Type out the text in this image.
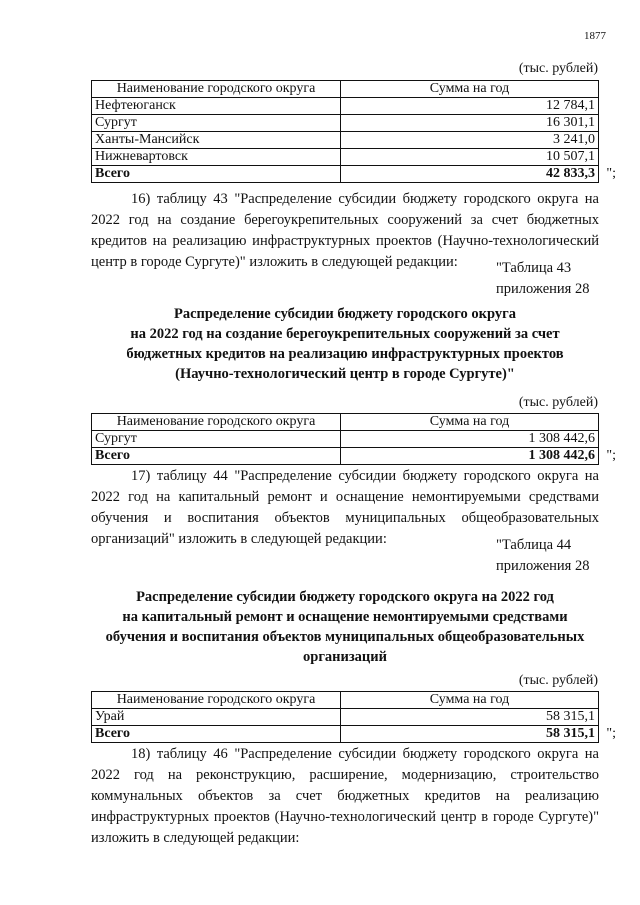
1877
(тыс. рублей)
Наименование городского округа	Сумма на год
Нефтеюганск	12 784,1
Сургут	16 301,1
Ханты-Мансийск	3 241,0
Нижневартовск	10 507,1
Всего	42 833,3 ";

16) таблицу 43 "Распределение субсидии бюджету городского округа на 2022 год на создание берегоукрепительных сооружений за счет бюджетных кредитов на реализацию инфраструктурных проектов (Научно-технологический центр в городе Сургуте)" изложить в следующей редакции:	"Таблица 43
приложения 28
Распределение субсидии бюджету городского округа
на 2022 год на создание берегоукрепительных сооружений за счет
бюджетных кредитов на реализацию инфраструктурных проектов
(Научно-технологический центр в городе Сургуте)"
(тыс. рублей)
Наименование городского округа	Сумма на год
Сургут	1 308 442,6
Всего	1 308 442,6 ";

17) таблицу 44 "Распределение субсидии бюджету городского округа на 2022 год на капитальный ремонт и оснащение немонтируемыми средствами обучения и воспитания объектов муниципальных общеобразовательных организаций" изложить в следующей редакции:	"Таблица 44
приложения 28
Распределение субсидии бюджету городского округа на 2022 год
на капитальный ремонт и оснащение немонтируемыми средствами
обучения и воспитания объектов муниципальных общеобразовательных
организаций
(тыс. рублей)
Наименование городского округа	Сумма на год
Урай	58 315,1
Всего	58 315,1 ";

18) таблицу 46 "Распределение субсидии бюджету городского округа на 2022 год на реконструкцию, расширение, модернизацию, строительство коммунальных объектов за счет бюджетных кредитов на реализацию инфраструктурных проектов (Научно-технологический центр в городе Сургуте)" изложить в следующей редакции:
